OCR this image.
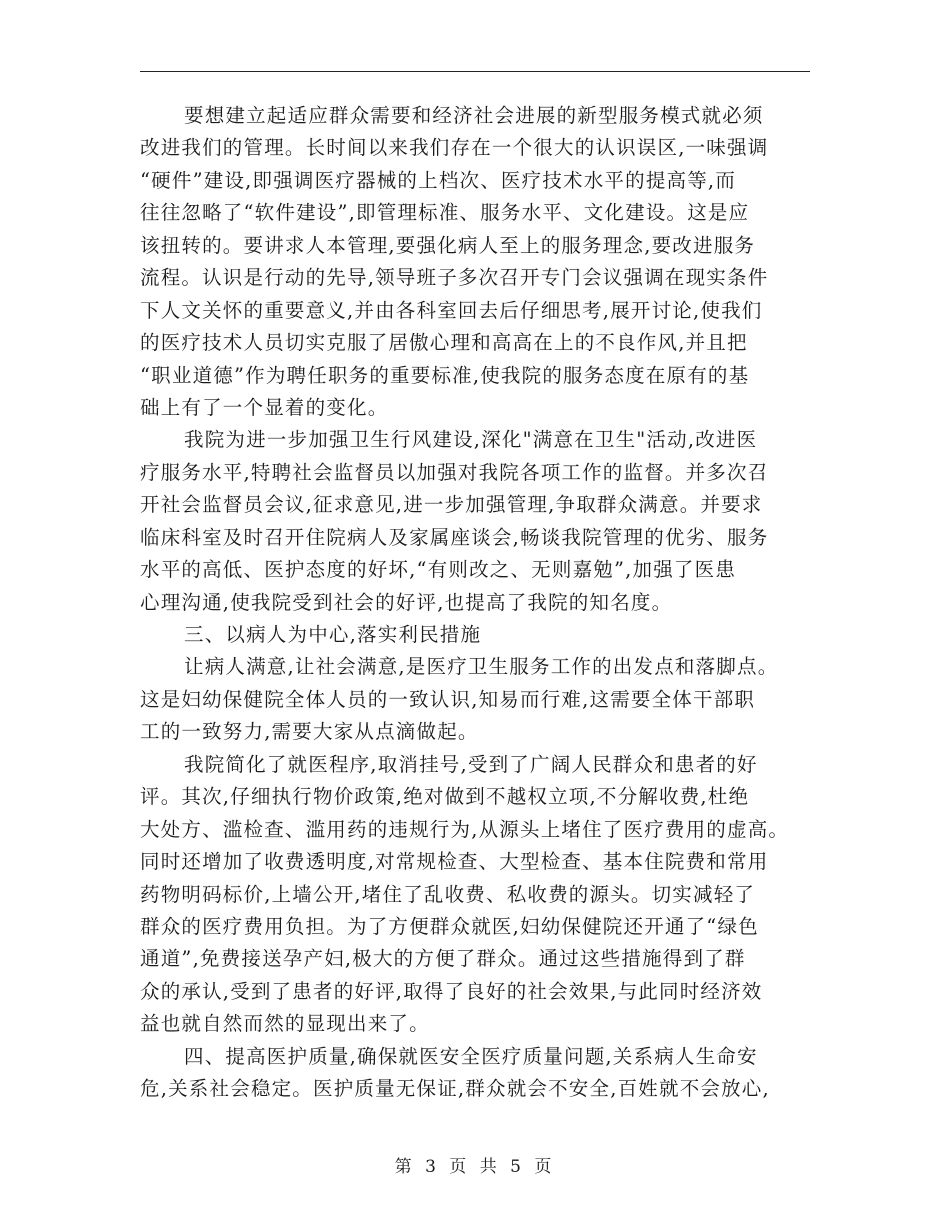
要想建立起适应群众需要和经济社会进展的新型服务模式就必须
改进我们的管理。长时间以来我们存在一个很大的认识误区,一味强调
“硬件”建设,即强调医疗器械的上档次、医疗技术水平的提高等,而
往往忽略了“软件建设”,即管理标准、服务水平、文化建设。这是应
该扭转的。要讲求人本管理,要强化病人至上的服务理念,要改进服务
流程。认识是行动的先导,领导班子多次召开专门会议强调在现实条件
下人文关怀的重要意义,并由各科室回去后仔细思考,展开讨论,使我们
的医疗技术人员切实克服了居傲心理和高高在上的不良作风,并且把
“职业道德”作为聘任职务的重要标准,使我院的服务态度在原有的基
础上有了一个显着的变化。
我院为进一步加强卫生行风建设,深化"满意在卫生"活动,改进医
疗服务水平,特聘社会监督员以加强对我院各项工作的监督。并多次召
开社会监督员会议,征求意见,进一步加强管理,争取群众满意。并要求
临床科室及时召开住院病人及家属座谈会,畅谈我院管理的优劣、服务
水平的高低、医护态度的好坏,“有则改之、无则嘉勉”,加强了医患
心理沟通,使我院受到社会的好评,也提高了我院的知名度。
三、以病人为中心,落实利民措施
让病人满意,让社会满意,是医疗卫生服务工作的出发点和落脚点。
这是妇幼保健院全体人员的一致认识,知易而行难,这需要全体干部职
工的一致努力,需要大家从点滴做起。
我院简化了就医程序,取消挂号,受到了广阔人民群众和患者的好
评。其次,仔细执行物价政策,绝对做到不越权立项,不分解收费,杜绝
大处方、滥检查、滥用药的违规行为,从源头上堵住了医疗费用的虚高。
同时还增加了收费透明度,对常规检查、大型检查、基本住院费和常用
药物明码标价,上墙公开,堵住了乱收费、私收费的源头。切实减轻了
群众的医疗费用负担。为了方便群众就医,妇幼保健院还开通了“绿色
通道”,免费接送孕产妇,极大的方便了群众。通过这些措施得到了群
众的承认,受到了患者的好评,取得了良好的社会效果,与此同时经济效
益也就自然而然的显现出来了。
四、提高医护质量,确保就医安全医疗质量问题,关系病人生命安
危,关系社会稳定。医护质量无保证,群众就会不安全,百姓就不会放心,
第 3 页 共 5 页
